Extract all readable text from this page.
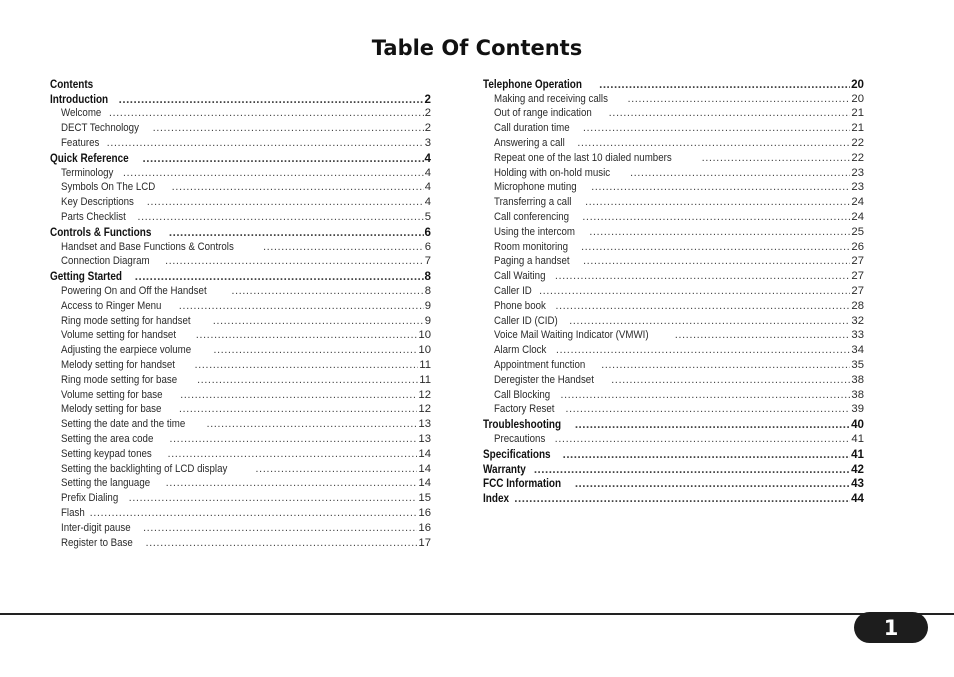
Table Of Contents
Contents
Introduction .....	2
Welcome .....	2
DECT Technology .....	2
Features .....	3
Quick Reference .....	4
Terminology .....	4
Symbols On The LCD .....	4
Key Descriptions .....	4
Parts Checklist .....	5
Controls & Functions .....	6
Handset and Base Functions & Controls .....	6
Connection Diagram .....	7
Getting Started .....	8
Powering On and Off the Handset .....	8
Access to Ringer Menu .....	9
Ring mode setting for handset .....	9
Volume setting for handset .....	10
Adjusting the earpiece volume .....	10
Melody setting for handset .....	11
Ring mode setting for base .....	11
Volume setting for base .....	12
Melody setting for base .....	12
Setting the date and the time .....	13
Setting the area code .....	13
Setting keypad tones .....	14
Setting the backlighting of LCD display .....	14
Setting the language .....	14
Prefix Dialing .....	15
Flash .....	16
Inter-digit pause .....	16
Register to Base .....	17
Telephone Operation .....	20
Making and receiving calls .....	20
Out of range indication .....	21
Call duration time .....	21
Answering a call .....	22
Repeat one of the last 10 dialed numbers .....	22
Holding with on-hold music .....	23
Microphone muting .....	23
Transferring a call .....	24
Call conferencing .....	24
Using the intercom .....	25
Room monitoring .....	26
Paging a handset .....	27
Call Waiting .....	27
Caller ID .....	27
Phone book .....	28
Caller ID (CID) .....	32
Voice Mail Waiting Indicator (VMWI) .....	33
Alarm Clock .....	34
Appointment function .....	35
Deregister the Handset .....	38
Call Blocking .....	38
Factory Reset .....	39
Troubleshooting .....	40
Precautions .....	41
Specifications .....	41
Warranty .....	42
FCC Information .....	43
Index .....	44
1
